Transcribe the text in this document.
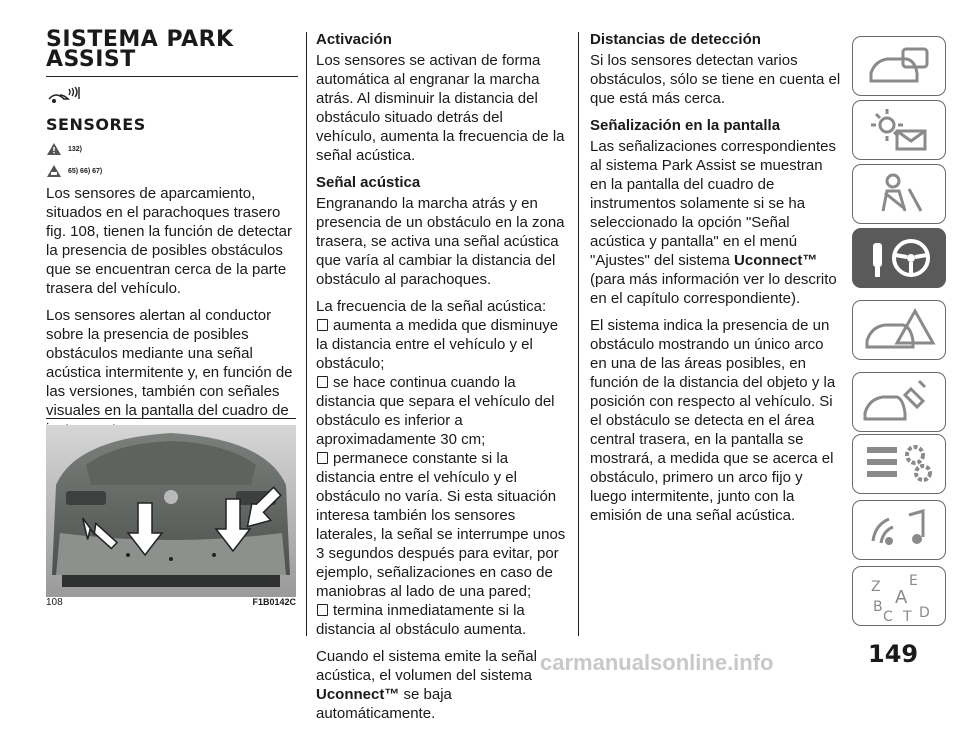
SISTEMA PARK ASSIST
SENSORES
132)
65) 66) 67)

Los sensores de aparcamiento, situados en el parachoques trasero fig. 108, tienen la función de detectar la presencia de posibles obstáculos que se encuentran cerca de la parte trasera del vehículo.

Los sensores alertan al conductor sobre la presencia de posibles obstáculos mediante una señal acústica intermitente y, en función de las versiones, también con señales visuales en la pantalla del cuadro de

108	F1B0142C
Activación

Los sensores se activan de forma automática al engranar la marcha atrás. Al disminuir la distancia del obstáculo situado detrás del vehículo, aumenta la frecuencia de la señal acústica.

Señal acústica

Engranando la marcha atrás y en presencia de un obstáculo en la zona trasera, se activa una señal acústica que varía al cambiar la distancia del obstáculo al parachoques.

La frecuencia de la señal acústica:

aumenta a medida que disminuye la distancia entre el vehículo y el obstáculo;
se hace continua cuando la distancia que separa el vehículo del obstáculo es inferior a aproximadamente 30 cm;
permanece constante si la distancia entre el vehículo y el obstáculo no varía. Si esta situación interesa también los sensores laterales, la señal se interrumpe unos 3 segundos después para evitar, por ejemplo, señalizaciones en caso de maniobras al lado de una pared;
termina inmediatamente si la distancia al obstáculo aumenta.

Cuando el sistema emite la señal acústica, el volumen del sistema Uconnect™ se baja automáticamente.

Distancias de detección

Si los sensores detectan varios obstáculos, sólo se tiene en cuenta el que está más cerca.

Señalización en la pantalla

Las señalizaciones correspondientes al sistema Park Assist se muestran en la pantalla del cuadro de instrumentos solamente si se ha seleccionado la opción "Señal acústica y pantalla" en el menú "Ajustes" del sistema Uconnect™ (para más información ver lo descrito en el capítulo correspondiente).

El sistema indica la presencia de un obstáculo mostrando un único arco en una de las áreas posibles, en función de la distancia del objeto y la posición con respecto al vehículo. Si el obstáculo se detecta en el área central trasera, en la pantalla se mostrará, a medida que se acerca el obstáculo, primero un arco fijo y luego intermitente, junto con la emisión de una señal acústica.

Z E
A
B	D
C T
149
carmanualsonline.info
